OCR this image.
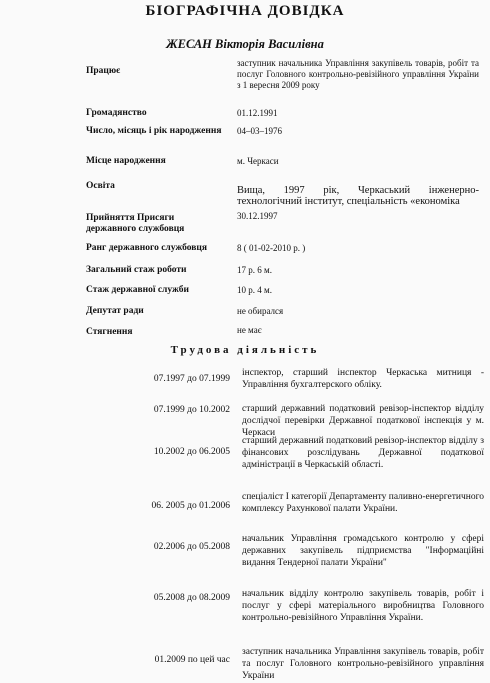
БІОГРАФІЧНА ДОВІДКА
ЖЕСАН Вікторія Василівна
Працює
заступник начальника Управління закупівель товарів, робіт та послуг Головного контрольно-ревізійного управління України з 1 вересня 2009 року
Громадянство	01.12.1991
Число, місяць і рік народження	04–03–1976
Місце народження	м. Черкаси
Освіта	Вища, 1997 рік, Черкаський інженерно-технологічний інститут, спеціальність «економіка
Прийняття Присяги державного службовця
30.12.1997
Ранг державного службовця	8 ( 01-02-2010 р. )
Загальний стаж роботи	17 р. 6 м.
Стаж державної служби	10 р. 4 м.
Депутат ради	не обирался
Стягнення	не має
Трудова діяльність
07.1997 до 07.1999
інспектор, старший інспектор Черкаська митниця - Управління бухгалтерского обліку.
07.1999 до 10.2002 старший державний податковий ревізор-інспектор відділу дослідчої перевірки Державної податкової інспекція у м. Черкаси
10.2002 до 06.2005
старший державний податковий ревізор-інспектор відділу з фінансових розслідувань Державної податкової адміністрації в Черкаській області.
06. 2005 до 01.2006
спеціаліст І категорії Департаменту паливно-енергетичного комплексу Рахункової палати України.
02.2006 до 05.2008
начальник Управління громадського контролю у сфері державних закупівель підприємства "Інформаційні видання Тендерної палати України"
05.2008 до 08.2009 начальник відділу контролю закупівель товарів, робіт і послуг у сфері матеріального виробництва Головного контрольно-ревізійного Управління України.
01.2009 по цей час
заступник начальника Управління закупівель товарів, робіт та послуг Головного контрольно-ревізійного управління України
